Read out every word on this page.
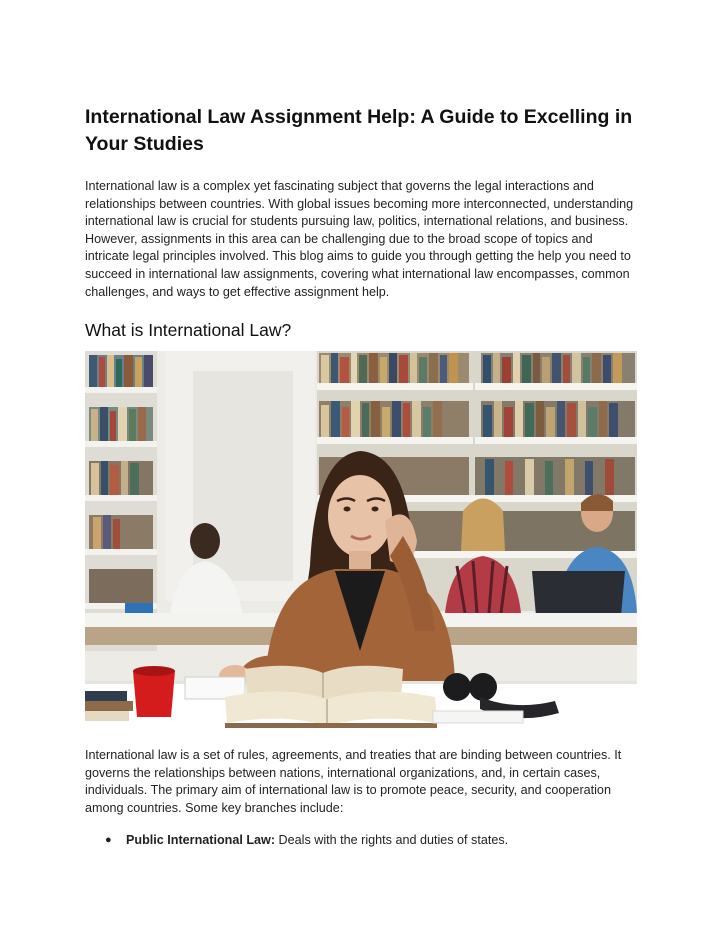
International Law Assignment Help: A Guide to Excelling in Your Studies

International law is a complex yet fascinating subject that governs the legal interactions and relationships between countries. With global issues becoming more interconnected, understanding international law is crucial for students pursuing law, politics, international relations, and business. However, assignments in this area can be challenging due to the broad scope of topics and intricate legal principles involved. This blog aims to guide you through getting the help you need to succeed in international law assignments, covering what international law encompasses, common challenges, and ways to get effective assignment help.

What is International Law?

International law is a set of rules, agreements, and treaties that are binding between countries. It governs the relationships between nations, international organizations, and, in certain cases, individuals. The primary aim of international law is to promote peace, security, and cooperation among countries. Some key branches include:

● Public International Law: Deals with the rights and duties of states.
